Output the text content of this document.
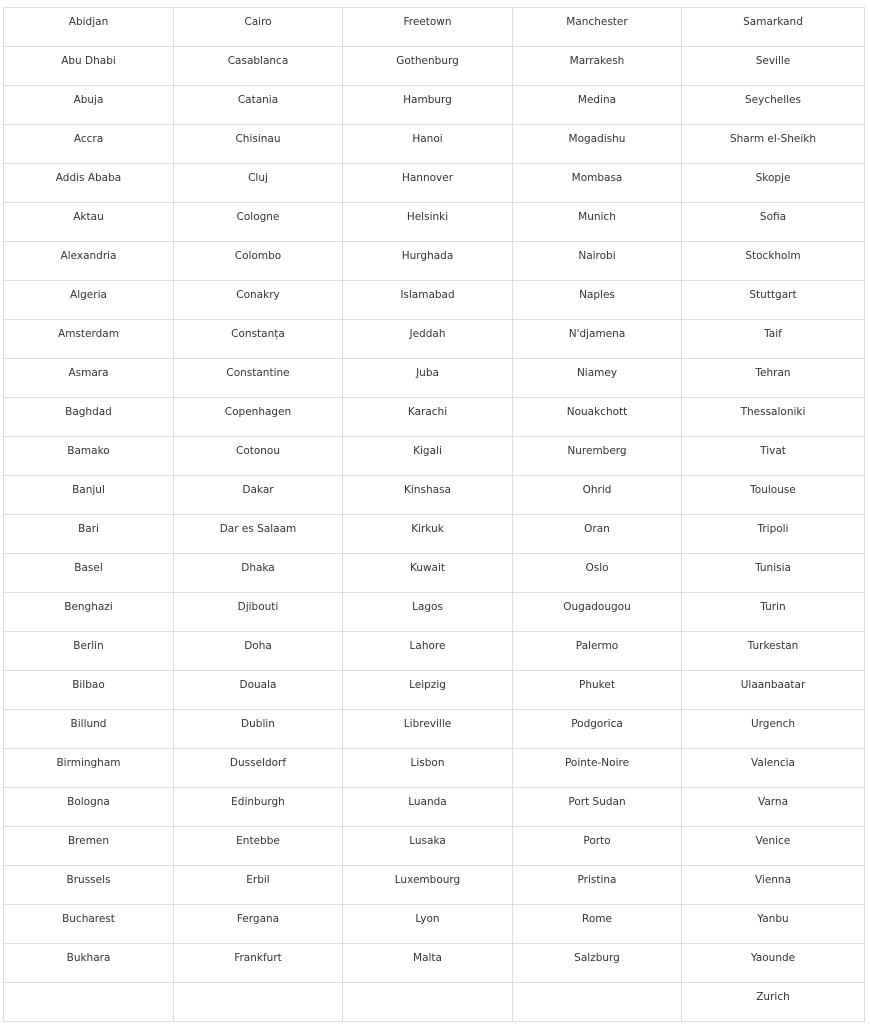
Abidjan	Cairo	Freetown	Manchester	Samarkand
Abu Dhabi	Casablanca	Gothenburg	Marrakesh	Seville
Abuja	Catania	Hamburg	Medina	Seychelles
Accra	Chisinau	Hanoi	Mogadishu	Sharm el-Sheikh
Addis Ababa	Cluj	Hannover	Mombasa	Skopje
Aktau	Cologne	Helsinki	Munich	Sofia
Alexandria	Colombo	Hurghada	Nairobi	Stockholm
Algeria	Conakry	Islamabad	Naples	Stuttgart
Amsterdam	Constanța	Jeddah	N'djamena	Taif
Asmara	Constantine	Juba	Niamey	Tehran
Baghdad	Copenhagen	Karachi	Nouakchott	Thessaloniki
Bamako	Cotonou	Kigali	Nuremberg	Tivat
Banjul	Dakar	Kinshasa	Ohrid	Toulouse
Bari	Dar es Salaam	Kirkuk	Oran	Tripoli
Basel	Dhaka	Kuwait	Oslo	Tunisia
Benghazi	Djibouti	Lagos	Ougadougou	Turin
Berlin	Doha	Lahore	Palermo	Turkestan
Bilbao	Douala	Leipzig	Phuket	Ulaanbaatar
Billund	Dublin	Libreville	Podgorica	Urgench
Birmingham	Dusseldorf	Lisbon	Pointe-Noire	Valencia
Bologna	Edinburgh	Luanda	Port Sudan	Varna
Bremen	Entebbe	Lusaka	Porto	Venice
Brussels	Erbil	Luxembourg	Pristina	Vienna
Bucharest	Fergana	Lyon	Rome	Yanbu
Bukhara	Frankfurt	Malta	Salzburg	Yaounde
				Zurich
